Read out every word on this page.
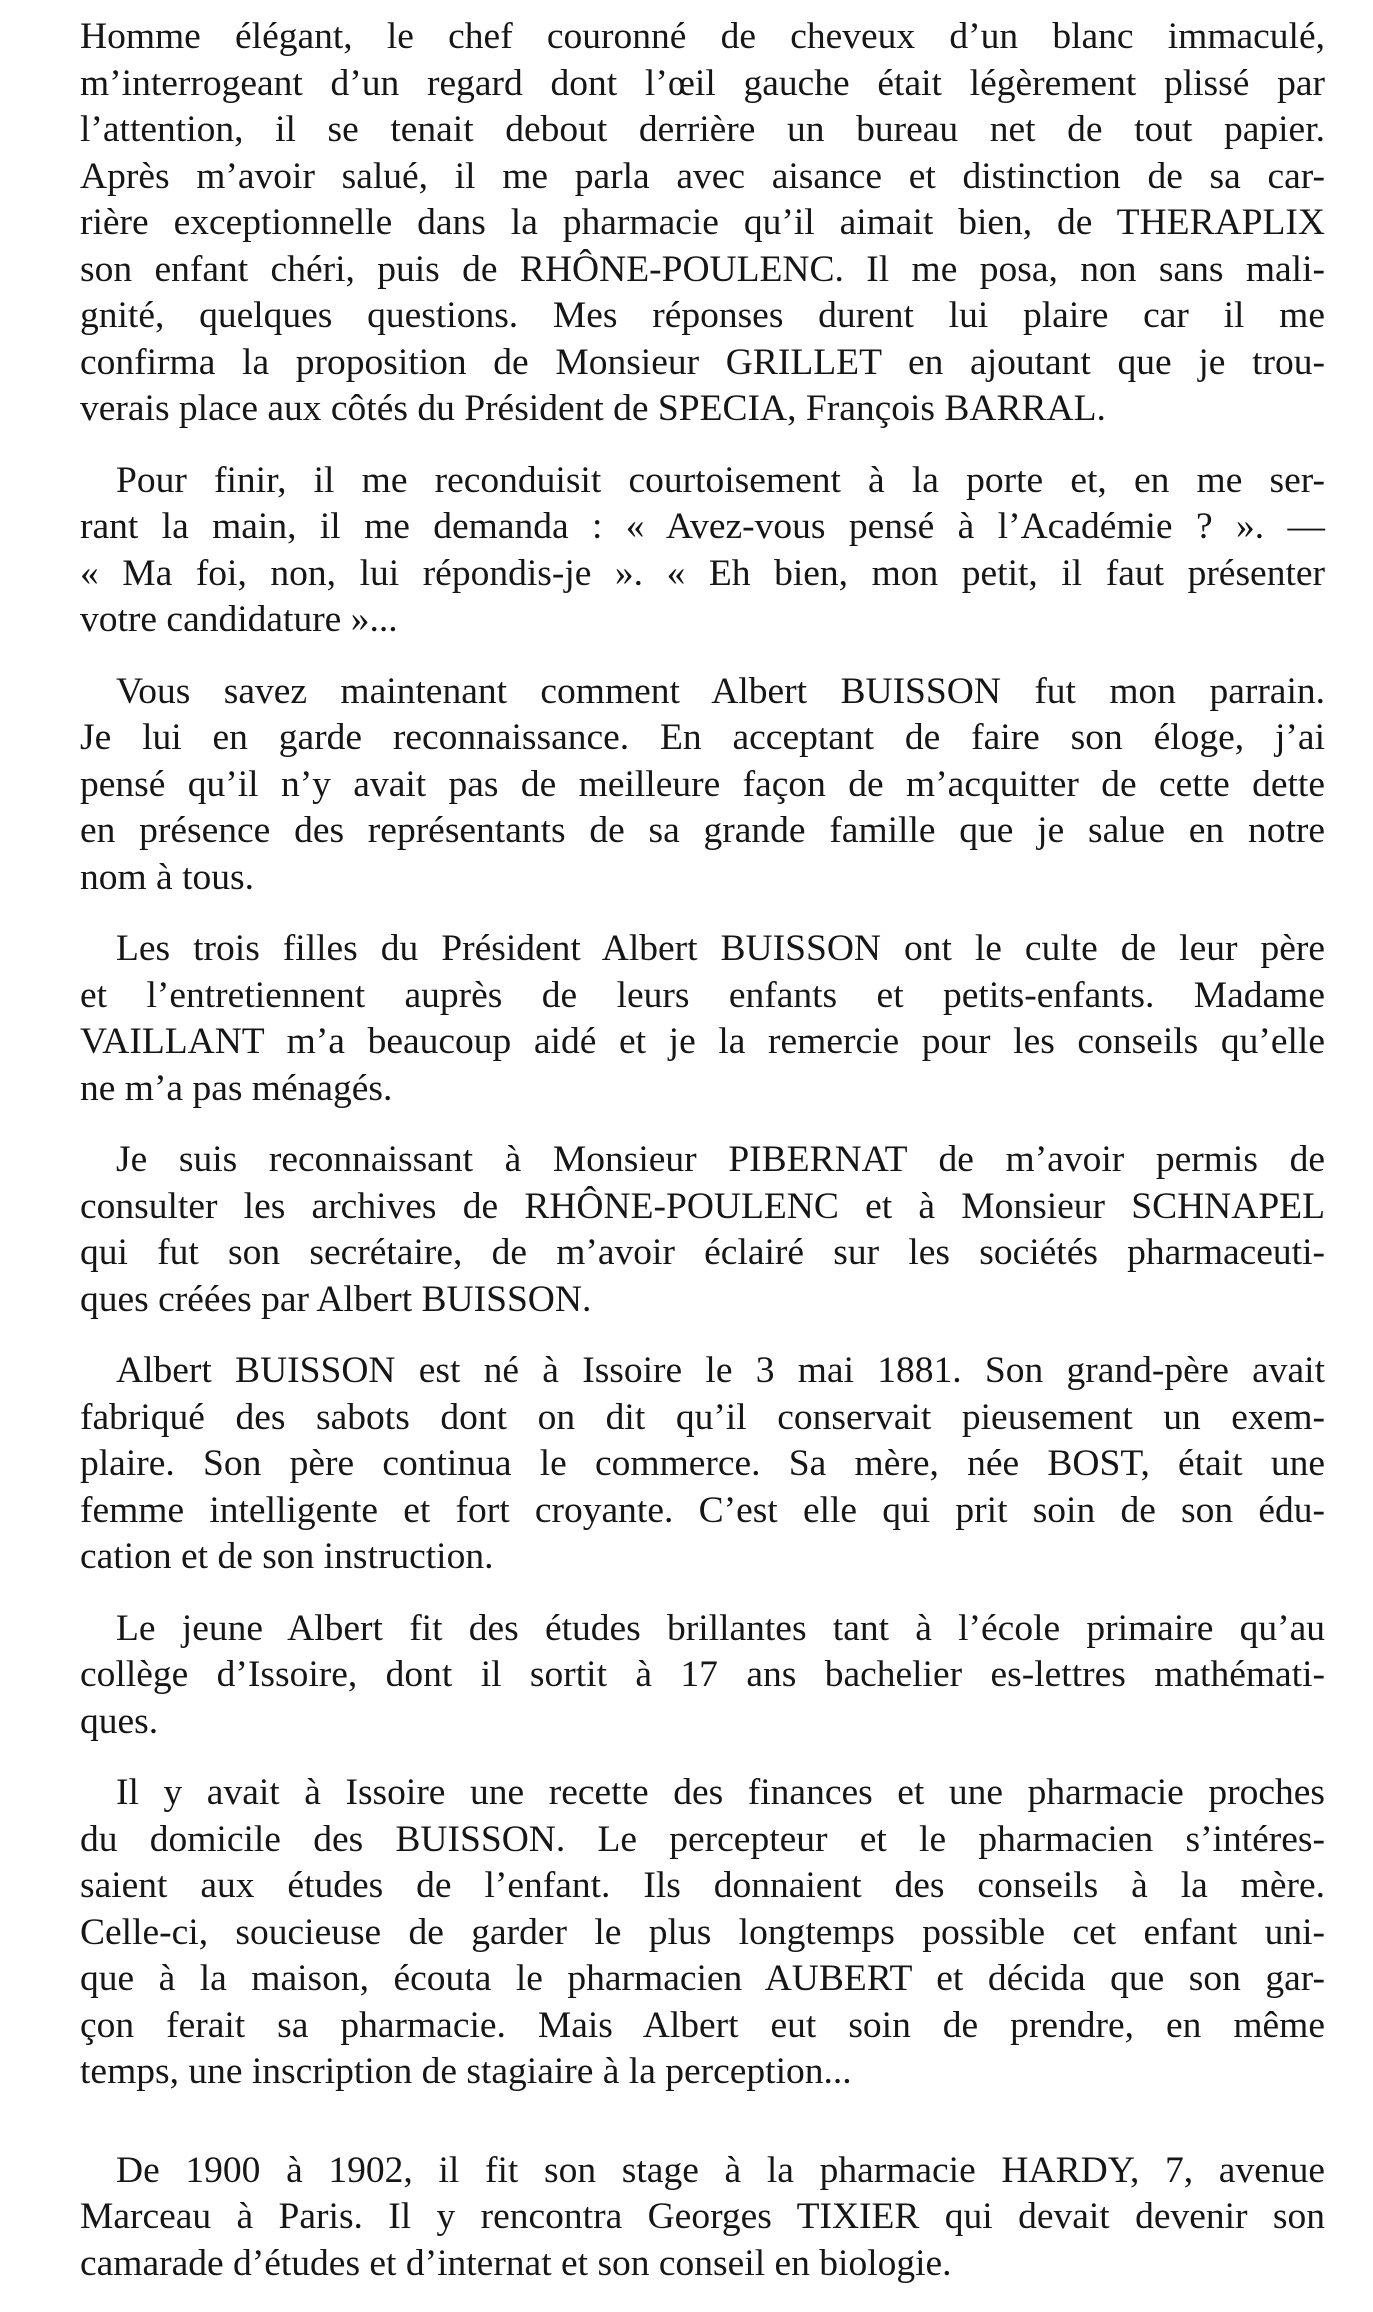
Homme élégant, le chef couronné de cheveux d’un blanc immaculé,
m’interrogeant d’un regard dont l’œil gauche était légèrement plissé par
l’attention, il se tenait debout derrière un bureau net de tout papier.
Après m’avoir salué, il me parla avec aisance et distinction de sa car-
rière exceptionnelle dans la pharmacie qu’il aimait bien, de THERAPLIX
son enfant chéri, puis de RHÔNE-POULENC. Il me posa, non sans mali-
gnité, quelques questions. Mes réponses durent lui plaire car il me
confirma la proposition de Monsieur GRILLET en ajoutant que je trou-
verais place aux côtés du Président de SPECIA, François BARRAL.
Pour finir, il me reconduisit courtoisement à la porte et, en me ser-
rant la main, il me demanda : « Avez-vous pensé à l’Académie ? ». —
« Ma foi, non, lui répondis-je ». « Eh bien, mon petit, il faut présenter
votre candidature »...
Vous savez maintenant comment Albert BUISSON fut mon parrain.
Je lui en garde reconnaissance. En acceptant de faire son éloge, j’ai
pensé qu’il n’y avait pas de meilleure façon de m’acquitter de cette dette
en présence des représentants de sa grande famille que je salue en notre
nom à tous.
Les trois filles du Président Albert BUISSON ont le culte de leur père
et l’entretiennent auprès de leurs enfants et petits-enfants. Madame
VAILLANT m’a beaucoup aidé et je la remercie pour les conseils qu’elle
ne m’a pas ménagés.
Je suis reconnaissant à Monsieur PIBERNAT de m’avoir permis de
consulter les archives de RHÔNE-POULENC et à Monsieur SCHNAPEL
qui fut son secrétaire, de m’avoir éclairé sur les sociétés pharmaceuti-
ques créées par Albert BUISSON.
Albert BUISSON est né à Issoire le 3 mai 1881. Son grand-père avait
fabriqué des sabots dont on dit qu’il conservait pieusement un exem-
plaire. Son père continua le commerce. Sa mère, née BOST, était une
femme intelligente et fort croyante. C’est elle qui prit soin de son édu-
cation et de son instruction.
Le jeune Albert fit des études brillantes tant à l’école primaire qu’au
collège d’Issoire, dont il sortit à 17 ans bachelier es-lettres mathémati-
ques.
Il y avait à Issoire une recette des finances et une pharmacie proches
du domicile des BUISSON. Le percepteur et le pharmacien s’intéres-
saient aux études de l’enfant. Ils donnaient des conseils à la mère.
Celle-ci, soucieuse de garder le plus longtemps possible cet enfant uni-
que à la maison, écouta le pharmacien AUBERT et décida que son gar-
çon ferait sa pharmacie. Mais Albert eut soin de prendre, en même
temps, une inscription de stagiaire à la perception...
De 1900 à 1902, il fit son stage à la pharmacie HARDY, 7, avenue
Marceau à Paris. Il y rencontra Georges TIXIER qui devait devenir son
camarade d’études et d’internat et son conseil en biologie.
